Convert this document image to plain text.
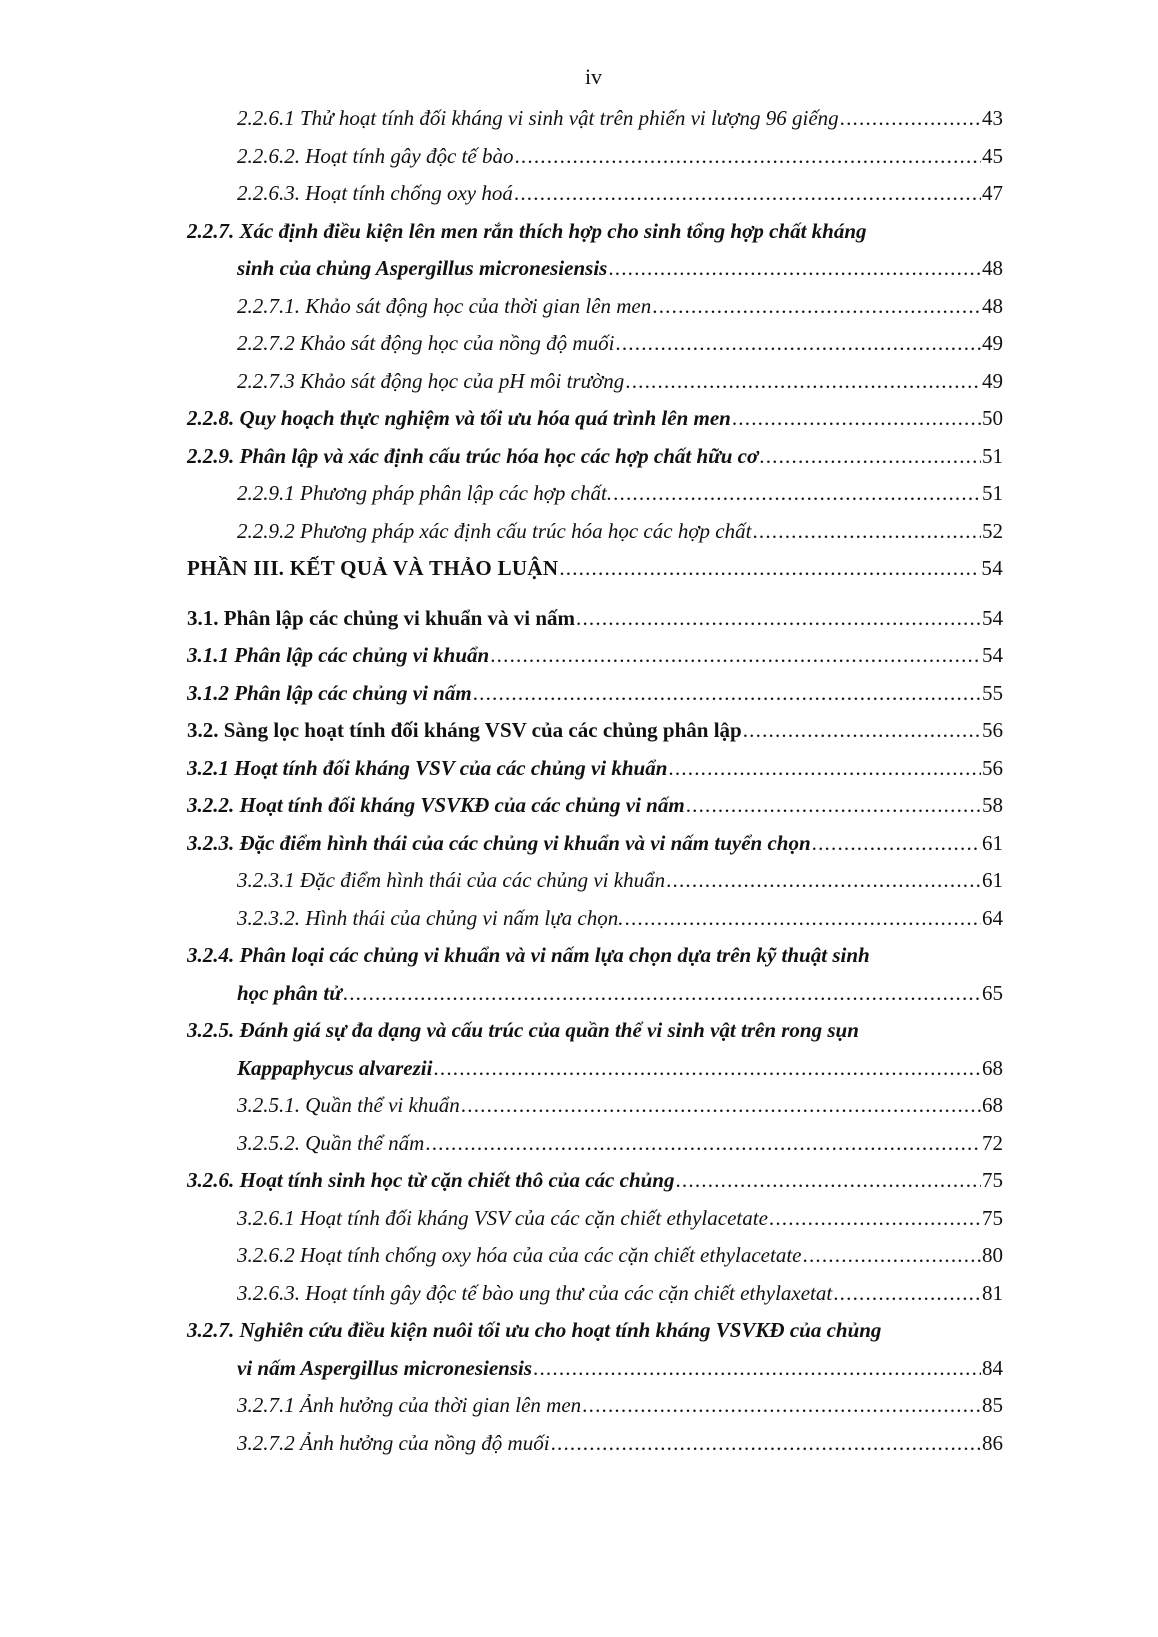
iv
2.2.6.1 Thử hoạt tính đối kháng vi sinh vật trên phiến vi lượng 96 giếng .....	43
2.2.6.2. Hoạt tính gây độc tế bào .....	45
2.2.6.3. Hoạt tính chống oxy hoá .....	47
2.2.7. Xác định điều kiện lên men rắn thích hợp cho sinh tổng hợp chất kháng
sinh của chủng Aspergillus micronesiensis .....	48
2.2.7.1. Khảo sát động học của thời gian lên men .....	48
2.2.7.2 Khảo sát động học của nồng độ muối .....	49
2.2.7.3 Khảo sát động học của pH môi trường .....	49
2.2.8. Quy hoạch thực nghiệm và tối ưu hóa quá trình lên men .....	50
2.2.9. Phân lập và xác định cấu trúc hóa học các hợp chất hữu cơ .....	51
2.2.9.1 Phương pháp phân lập các hợp chất. .....	51
2.2.9.2 Phương pháp xác định cấu trúc hóa học các hợp chất .....	52
PHẦN III. KẾT QUẢ VÀ THẢO LUẬN .....	54
3.1. Phân lập các chủng vi khuẩn và vi nấm .....	54
3.1.1 Phân lập các chủng vi khuẩn .....	54
3.1.2 Phân lập các chủng vi nấm .....	55
3.2. Sàng lọc hoạt tính đối kháng VSV của các chủng phân lập .....	56
3.2.1 Hoạt tính đối kháng VSV của các chủng vi khuẩn .....	56
3.2.2. Hoạt tính đối kháng VSVKĐ của các chủng vi nấm .....	58
3.2.3. Đặc điểm hình thái của các chủng vi khuẩn và vi nấm tuyển chọn .....	61
3.2.3.1 Đặc điểm hình thái của các chủng vi khuẩn .....	61
3.2.3.2. Hình thái của chủng vi nấm lựa chọn. .....	64
3.2.4. Phân loại các chủng vi khuẩn và vi nấm lựa chọn dựa trên kỹ thuật sinh
học phân tử .....	65
3.2.5. Đánh giá sự đa dạng và cấu trúc của quần thể vi sinh vật trên rong sụn
Kappaphycus alvarezii .....	68
3.2.5.1. Quần thể vi khuẩn .....	68
3.2.5.2. Quần thể nấm .....	72
3.2.6. Hoạt tính sinh học từ cặn chiết thô của các chủng .....	75
3.2.6.1 Hoạt tính đối kháng VSV của các cặn chiết ethylacetate .....	75
3.2.6.2 Hoạt tính chống oxy hóa của của các cặn chiết ethylacetate .....	80
3.2.6.3. Hoạt tính gây độc tế bào ung thư của các cặn chiết ethylaxetat .....	81
3.2.7. Nghiên cứu điều kiện nuôi tối ưu cho hoạt tính kháng VSVKĐ của chủng
vi nấm Aspergillus micronesiensis .....	84
3.2.7.1 Ảnh hưởng của thời gian lên men .....	85
3.2.7.2 Ảnh hưởng của nồng độ muối .....	86
